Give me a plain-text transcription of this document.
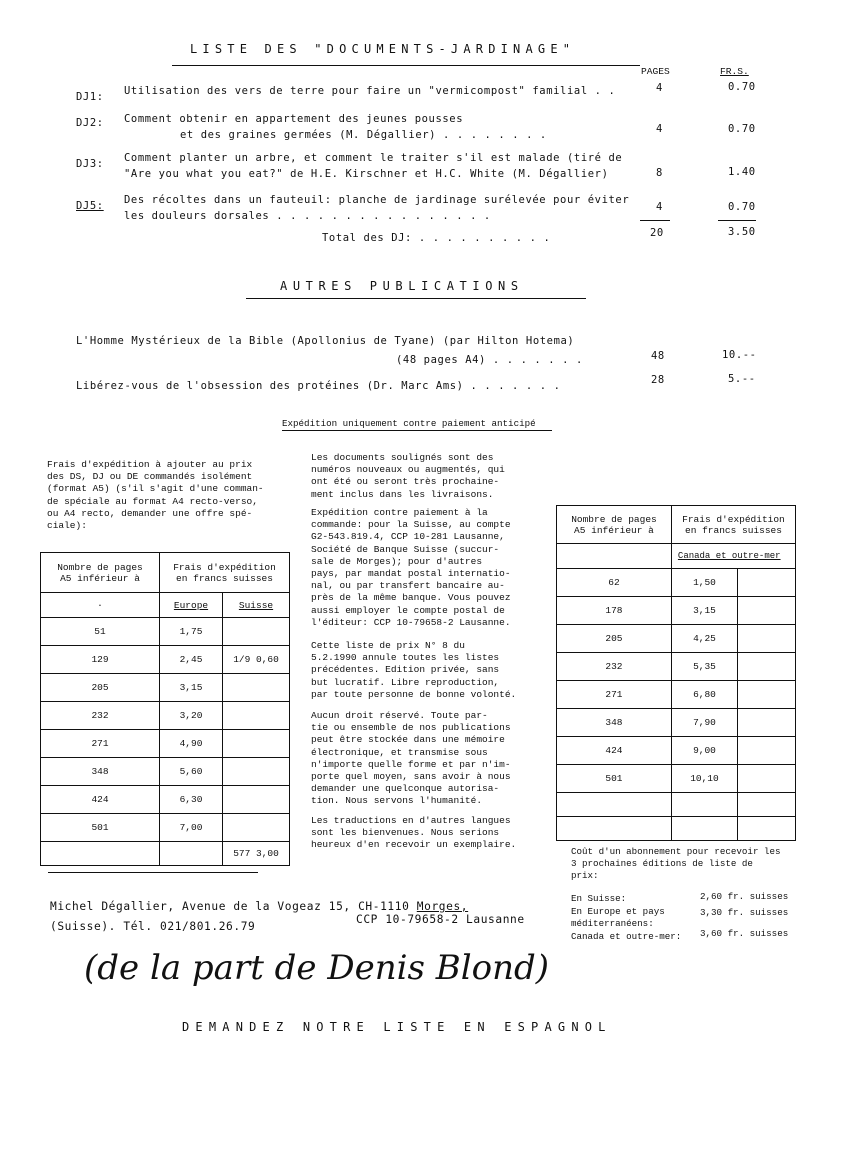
LISTE DES "DOCUMENTS-JARDINAGE"
PAGES	FR.S.
DJ1: Utilisation des vers de terre pour faire un "vermicompost" familial . .	4	0.70
DJ2: Comment obtenir en appartement des jeunes pousses
et des graines germées (M. Dégallier) . . . . . . . .	4	0.70
DJ3: Comment planter un arbre, et comment le traiter s'il est malade (tiré de
"Are you what you eat?" de H.E. Kirschner et H.C. White (M. Dégallier)	8	1.40
DJ5: Des récoltes dans un fauteuil: planche de jardinage surélevée pour éviter
les douleurs dorsales . . . . . . . . . . . . . . . .
4	0.70
Total des DJ: . . . . . . . . . .	20	3.50
AUTRES PUBLICATIONS
L'Homme Mystérieux de la Bible (Apollonius de Tyane) (par Hilton Hotema)
(48 pages A4) . . . . . . .	48	10.--
Libérez-vous de l'obsession des protéines (Dr. Marc Ams) . . . . . . .	28	5.--
Expédition uniquement contre paiement anticipé
Frais d'expédition à ajouter au prix
des DS, DJ ou DE commandés isolément
(format A5) (s'il s'agit d'une comman-
de spéciale au format A4 recto-verso,
ou A4 recto, demander une offre spé-
ciale):
Nombre de pages
A5 inférieur à	Frais d'expédition
en francs suisses	
·	Europe	Suisse
51	1,75	
129	2,45	1/9 0,60
205	3,15	
232	3,20	
271	4,90	
348	5,60	
424	6,30	
501	7,00	
		577 3,00
Les documents soulignés sont des
numéros nouveaux ou augmentés, qui
ont été ou seront très prochaine-
ment inclus dans les livraisons.
Expédition contre paiement à la
commande: pour la Suisse, au compte
G2-543.819.4, CCP 10-281 Lausanne,
Société de Banque Suisse (succur-
sale de Morges); pour d'autres
pays, par mandat postal internatio-
nal, ou par transfert bancaire au-
près de la même banque. Vous pouvez
aussi employer le compte postal de
l'éditeur: CCP 10-79658-2 Lausanne.
Cette liste de prix N° 8 du
5.2.1990 annule toutes les listes
précédentes. Edition privée, sans
but lucratif. Libre reproduction,
par toute personne de bonne volonté.
Aucun droit réservé. Toute par-
tie ou ensemble de nos publications
peut être stockée dans une mémoire
électronique, et transmise sous
n'importe quelle forme et par n'im-
porte quel moyen, sans avoir à nous
demander une quelconque autorisa-
tion. Nous servons l'humanité.
Les traductions en d'autres langues
sont les bienvenues. Nous serions
heureux d'en recevoir un exemplaire.
Nombre de pages
A5 inférieur à	Frais d'expédition
en francs suisses	
	Canada et outre-mer	
62	1,50	
178	3,15	
205	4,25	
232	5,35	
271	6,80	
348	7,90	
424	9,00	
501	10,10	

Coût d'un abonnement pour recevoir les
3 prochaines éditions de liste de
prix:
En Suisse:	2,60 fr. suisses
En Europe et pays	3,30 fr. suisses
méditerranéens:
Canada et outre-mer: 3,60 fr. suisses
Michel Dégallier, Avenue de la Vogeaz 15, CH-1110 Morges,
(Suisse). Tél. 021/801.26.79
CCP 10-79658-2 Lausanne
(de la part de Denis Blond)
DEMANDEZ NOTRE LISTE EN ESPAGNOL
